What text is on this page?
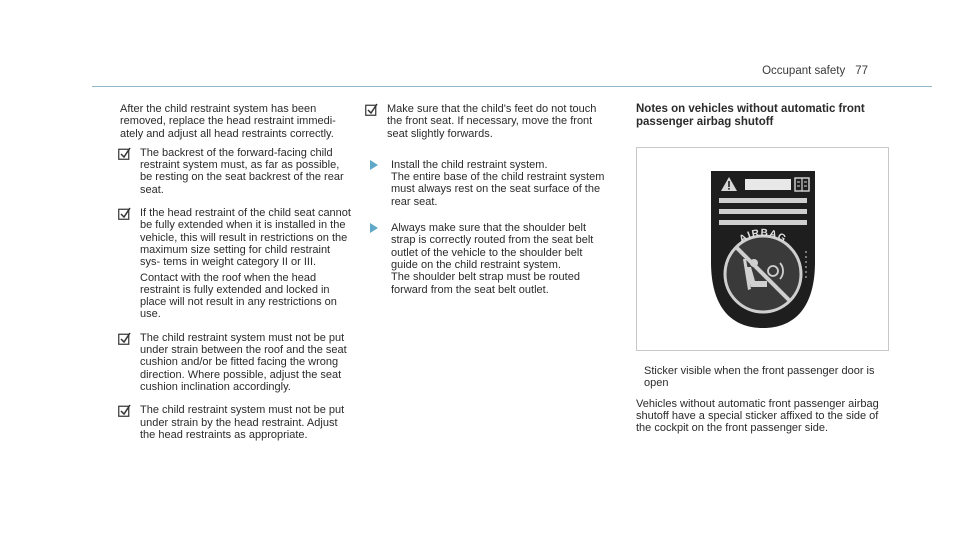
Occupant safety 77

After the child restraint system has been removed, replace the head restraint immedi- ately and adjust all head restraints correctly.

The backrest of the forward-facing child restraint system must, as far as possible, be resting on the seat backrest of the rear seat.

If the head restraint of the child seat cannot be fully extended when it is installed in the vehicle, this will result in restrictions on the maximum size setting for child restraint sys- tems in weight category II or III.

Contact with the roof when the head restraint is fully extended and locked in place will not result in any restrictions on use.

The child restraint system must not be put under strain between the roof and the seat cushion and/or be fitted facing the wrong direction. Where possible, adjust the seat cushion inclination accordingly.

The child restraint system must not be put under strain by the head restraint. Adjust the head restraints as appropriate.

Make sure that the child's feet do not touch the front seat. If necessary, move the front seat slightly forwards.

Install the child restraint system.

The entire base of the child restraint system must always rest on the seat surface of the rear seat.

Always make sure that the shoulder belt strap is correctly routed from the seat belt outlet of the vehicle to the shoulder belt guide on the child restraint system.

The shoulder belt strap must be routed forward from the seat belt outlet.

Notes on vehicles without automatic front passenger airbag shutoff
AIRBAG

Sticker visible when the front passenger door is open

Vehicles without automatic front passenger airbag shutoff have a special sticker affixed to the side of the cockpit on the front passenger side.
